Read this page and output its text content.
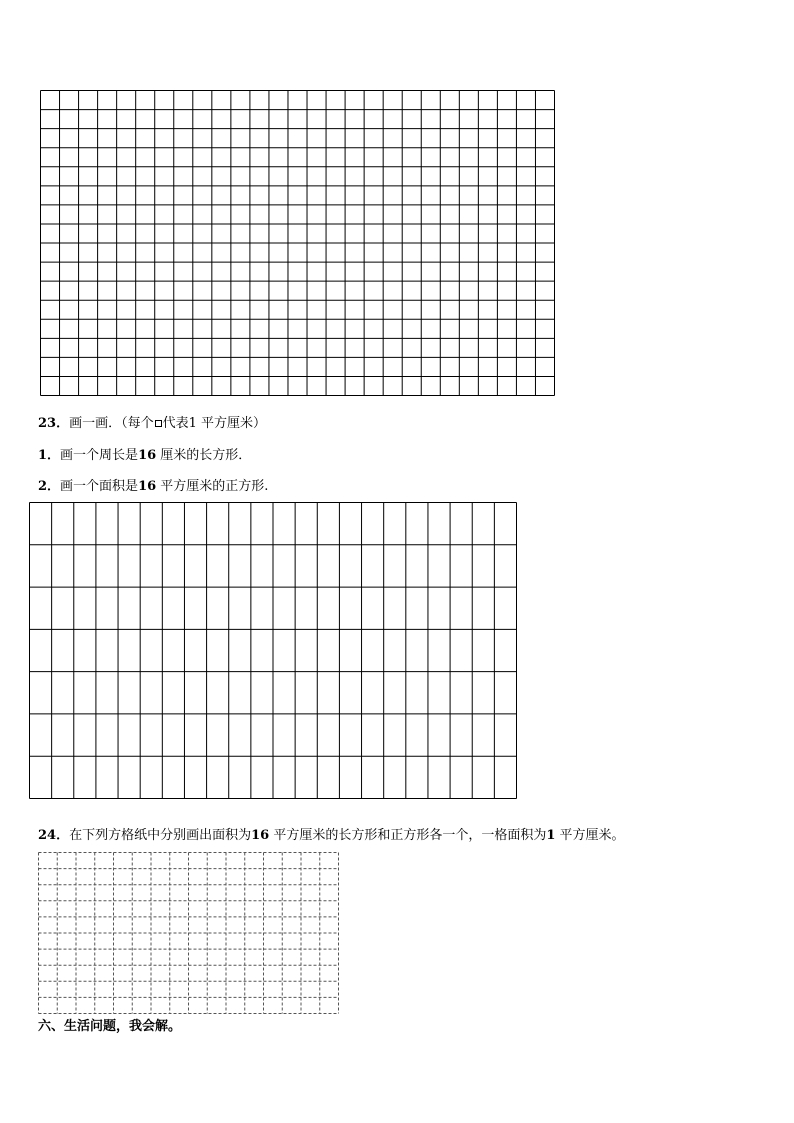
23．画一画．（每个 代表1 平方厘米）

1．画一个周长是16 厘米的长方形．

2．画一个面积是16 平方厘米的正方形.

24．在下列方格纸中分别画出面积为16 平方厘米的长方形和正方形各一个，一格面积为1 平方厘米。

六、生活问题，我会解。
